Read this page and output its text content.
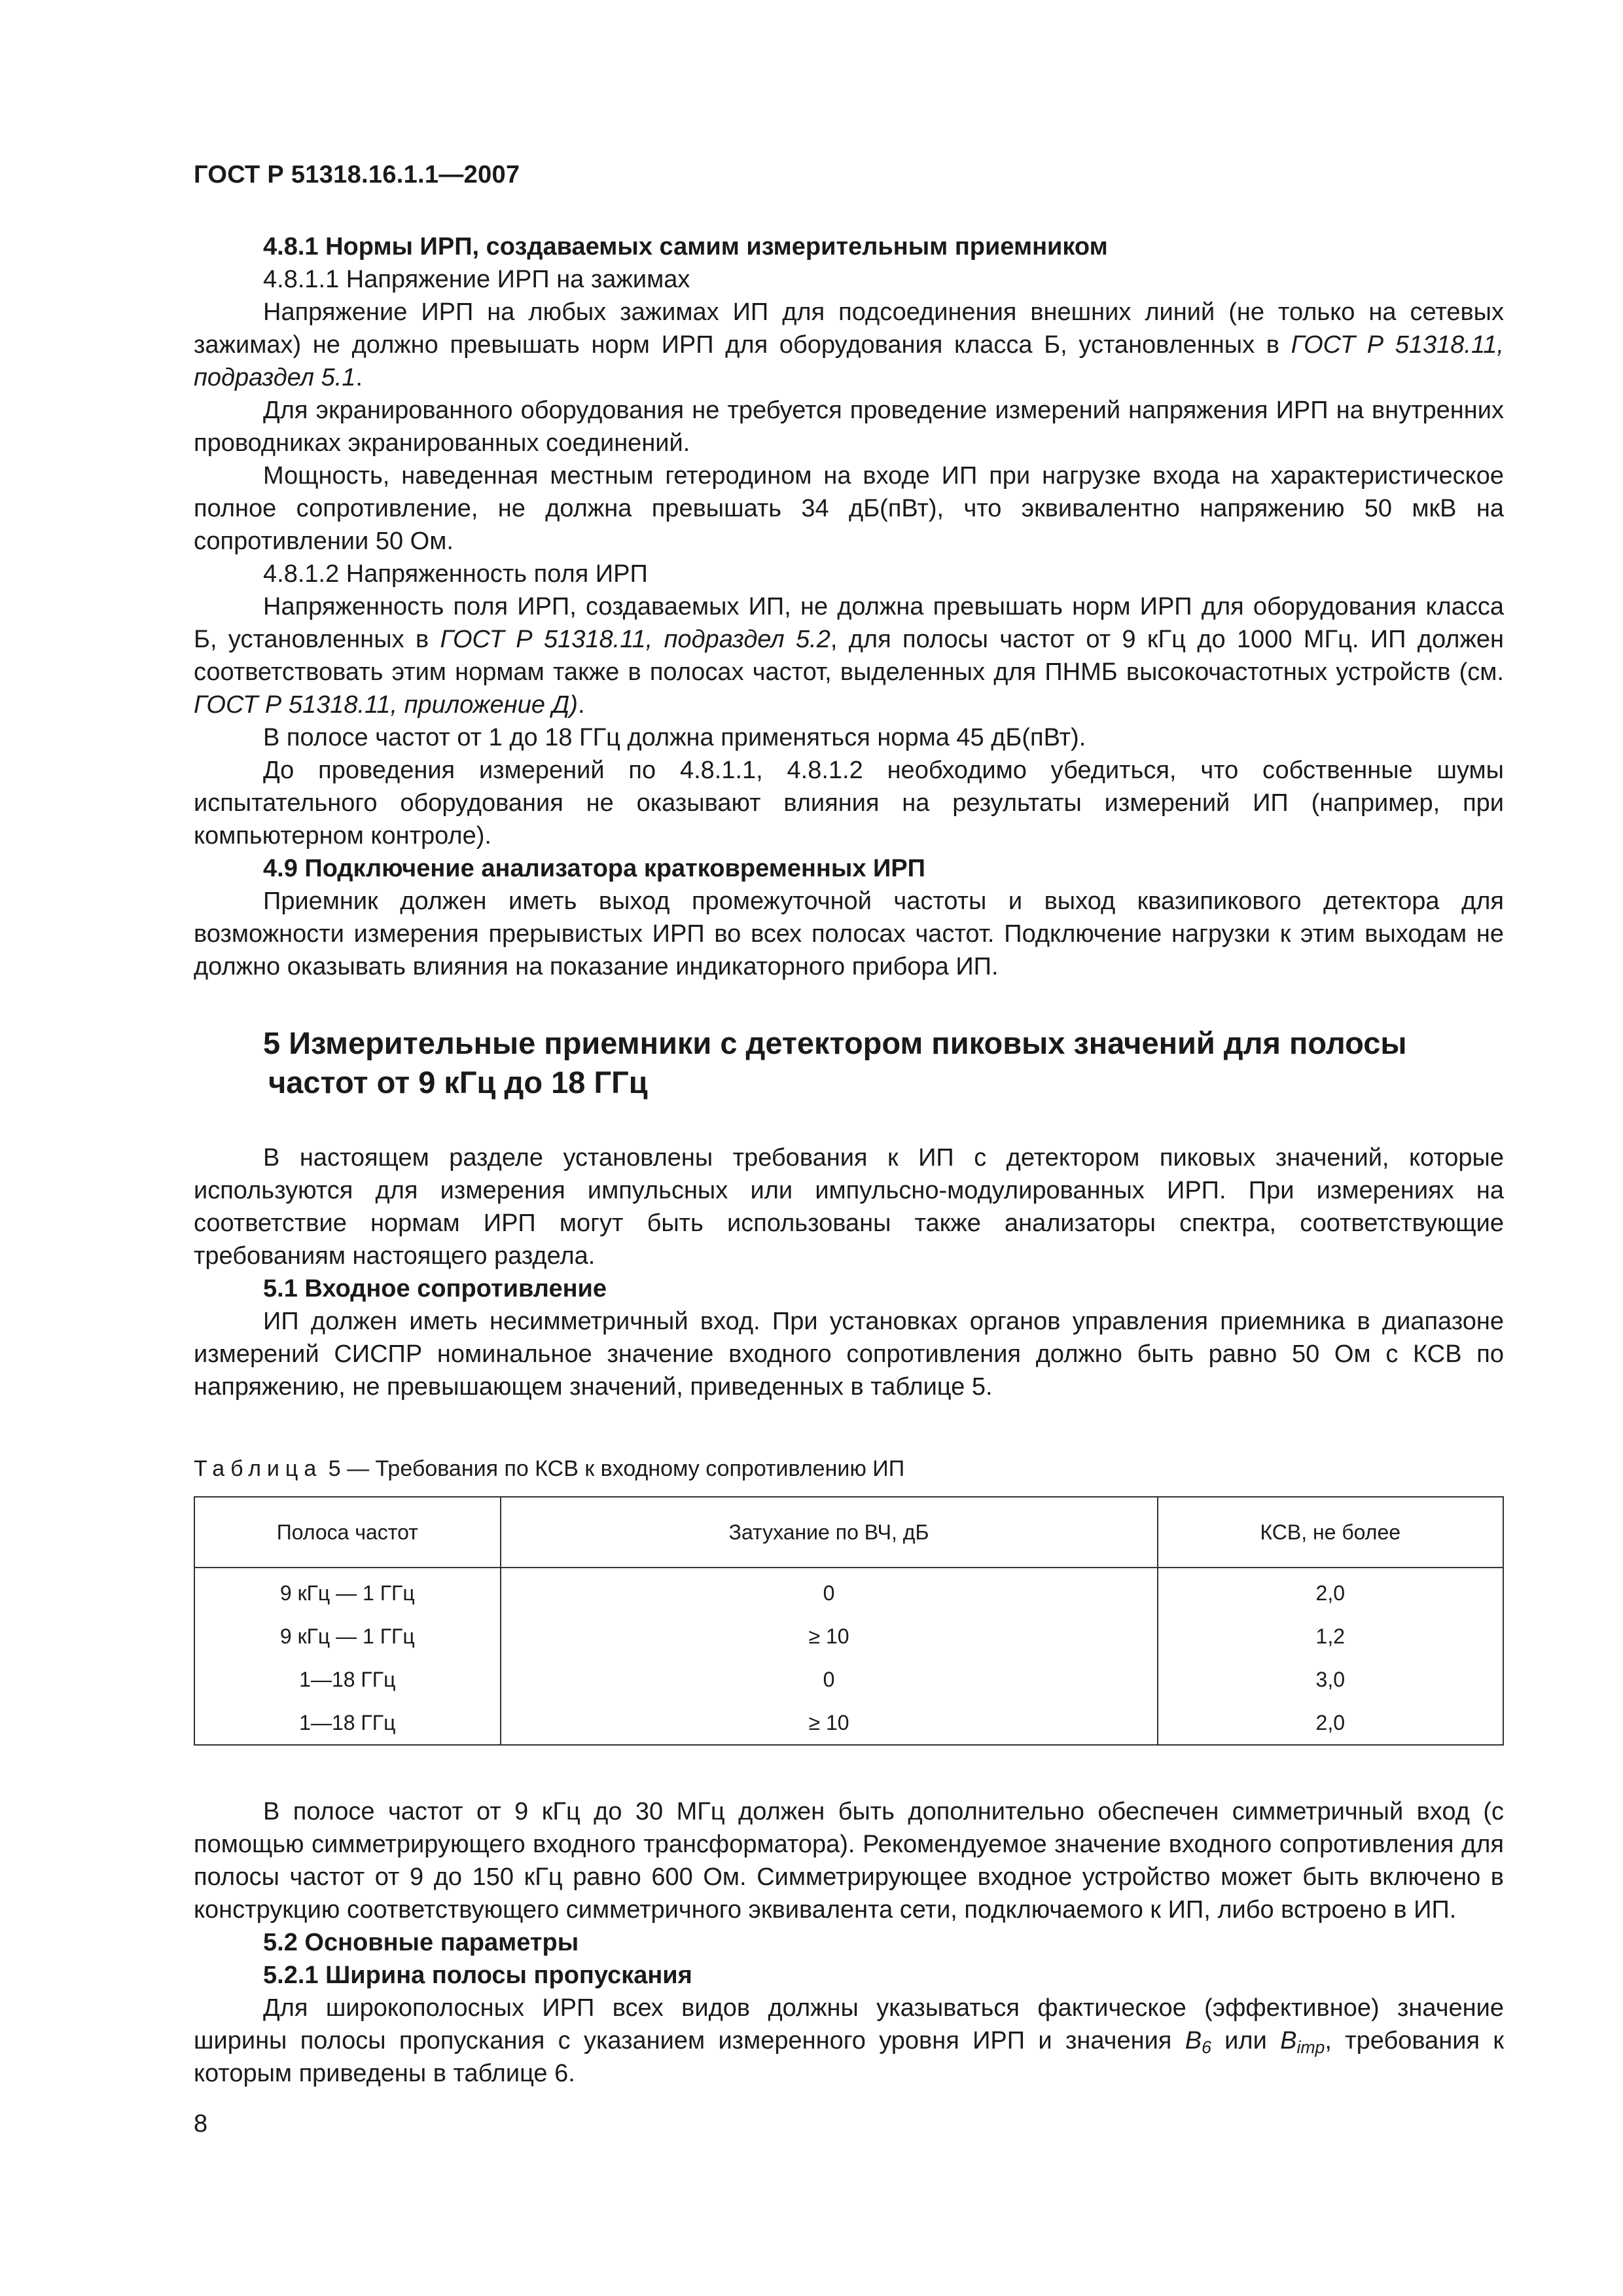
ГОСТ Р 51318.16.1.1—2007

4.8.1 Нормы ИРП, создаваемых самим измерительным приемником

4.8.1.1 Напряжение ИРП на зажимах

Напряжение ИРП на любых зажимах ИП для подсоединения внешних линий (не только на сетевых зажимах) не должно превышать норм ИРП для оборудования класса Б, установленных в ГОСТ Р 51318.11, подраздел 5.1.

Для экранированного оборудования не требуется проведение измерений напряжения ИРП на внутренних проводниках экранированных соединений.

Мощность, наведенная местным гетеродином на входе ИП при нагрузке входа на характеристическое полное сопротивление, не должна превышать 34 дБ(пВт), что эквивалентно напряжению 50 мкВ на сопротивлении 50 Ом.

4.8.1.2 Напряженность поля ИРП

Напряженность поля ИРП, создаваемых ИП, не должна превышать норм ИРП для оборудования класса Б, установленных в ГОСТ Р 51318.11, подраздел 5.2, для полосы частот от 9 кГц до 1000 МГц. ИП должен соответствовать этим нормам также в полосах частот, выделенных для ПНМБ высокочастотных устройств (см. ГОСТ Р 51318.11, приложение Д).

В полосе частот от 1 до 18 ГГц должна применяться норма 45 дБ(пВт).

До проведения измерений по 4.8.1.1, 4.8.1.2 необходимо убедиться, что собственные шумы испытательного оборудования не оказывают влияния на результаты измерений ИП (например, при компьютерном контроле).

4.9 Подключение анализатора кратковременных ИРП

Приемник должен иметь выход промежуточной частоты и выход квазипикового детектора для возможности измерения прерывистых ИРП во всех полосах частот. Подключение нагрузки к этим выходам не должно оказывать влияния на показание индикаторного прибора ИП.

5 Измерительные приемники с детектором пиковых значений для полосы
частот от 9 кГц до 18 ГГц

В настоящем разделе установлены требования к ИП с детектором пиковых значений, которые используются для измерения импульсных или импульсно-модулированных ИРП. При измерениях на соответствие нормам ИРП могут быть использованы также анализаторы спектра, соответствующие требованиям настоящего раздела.

5.1 Входное сопротивление

ИП должен иметь несимметричный вход. При установках органов управления приемника в диапазоне измерений СИСПР номинальное значение входного сопротивления должно быть равно 50 Ом с КСВ по напряжению, не превышающем значений, приведенных в таблице 5.

Таблица 5 — Требования по КСВ к входному сопротивлению ИП
Полоса частот	Затухание по ВЧ, дБ	КСВ, не более
9 кГц — 1 ГГц	0	2,0
9 кГц — 1 ГГц	≥ 10	1,2
1—18 ГГц	0	3,0
1—18 ГГц	≥ 10	2,0

В полосе частот от 9 кГц до 30 МГц должен быть дополнительно обеспечен симметричный вход (с помощью симметрирующего входного трансформатора). Рекомендуемое значение входного сопротивления для полосы частот от 9 до 150 кГц равно 600 Ом. Симметрирующее входное устройство может быть включено в конструкцию соответствующего симметричного эквивалента сети, подключаемого к ИП, либо встроено в ИП.

5.2 Основные параметры

5.2.1 Ширина полосы пропускания

Для широкополосных ИРП всех видов должны указываться фактическое (эффективное) значение ширины полосы пропускания с указанием измеренного уровня ИРП и значения $B_6$ или $B_{imp}$, требования к которым приведены в таблице 6.

8
